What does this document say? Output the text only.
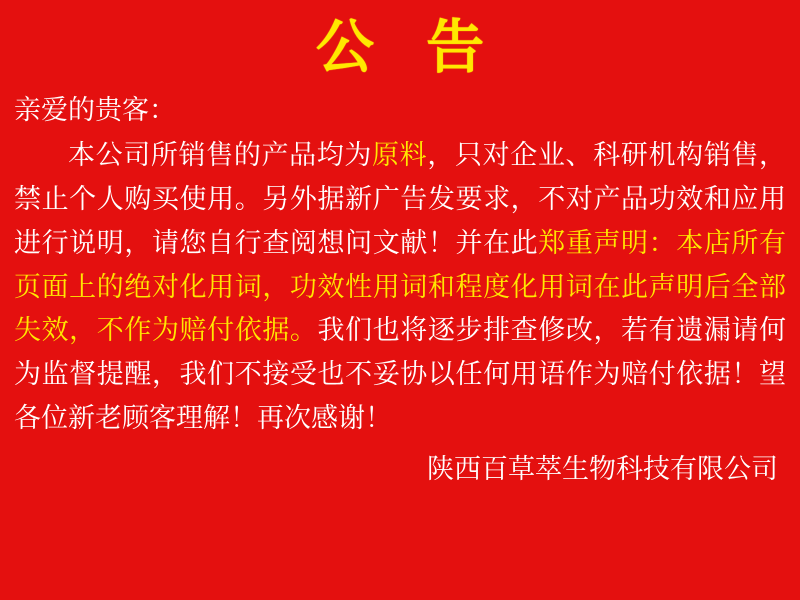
公 告
亲爱的贵客：
本公司所销售的产品均为原料，只对企业、科研机构销售，禁止个人购买使用。另外据新广告发要求，不对产品功效和应用进行说明，请您自行查阅想问文献！并在此郑重声明：本店所有页面上的绝对化用词，功效性用词和程度化用词在此声明后全部失效，不作为赔付依据。我们也将逐步排查修改，若有遗漏请何为监督提醒，我们不接受也不妥协以任何用语作为赔付依据！望各位新老顾客理解！再次感谢！
陕西百草萃生物科技有限公司
